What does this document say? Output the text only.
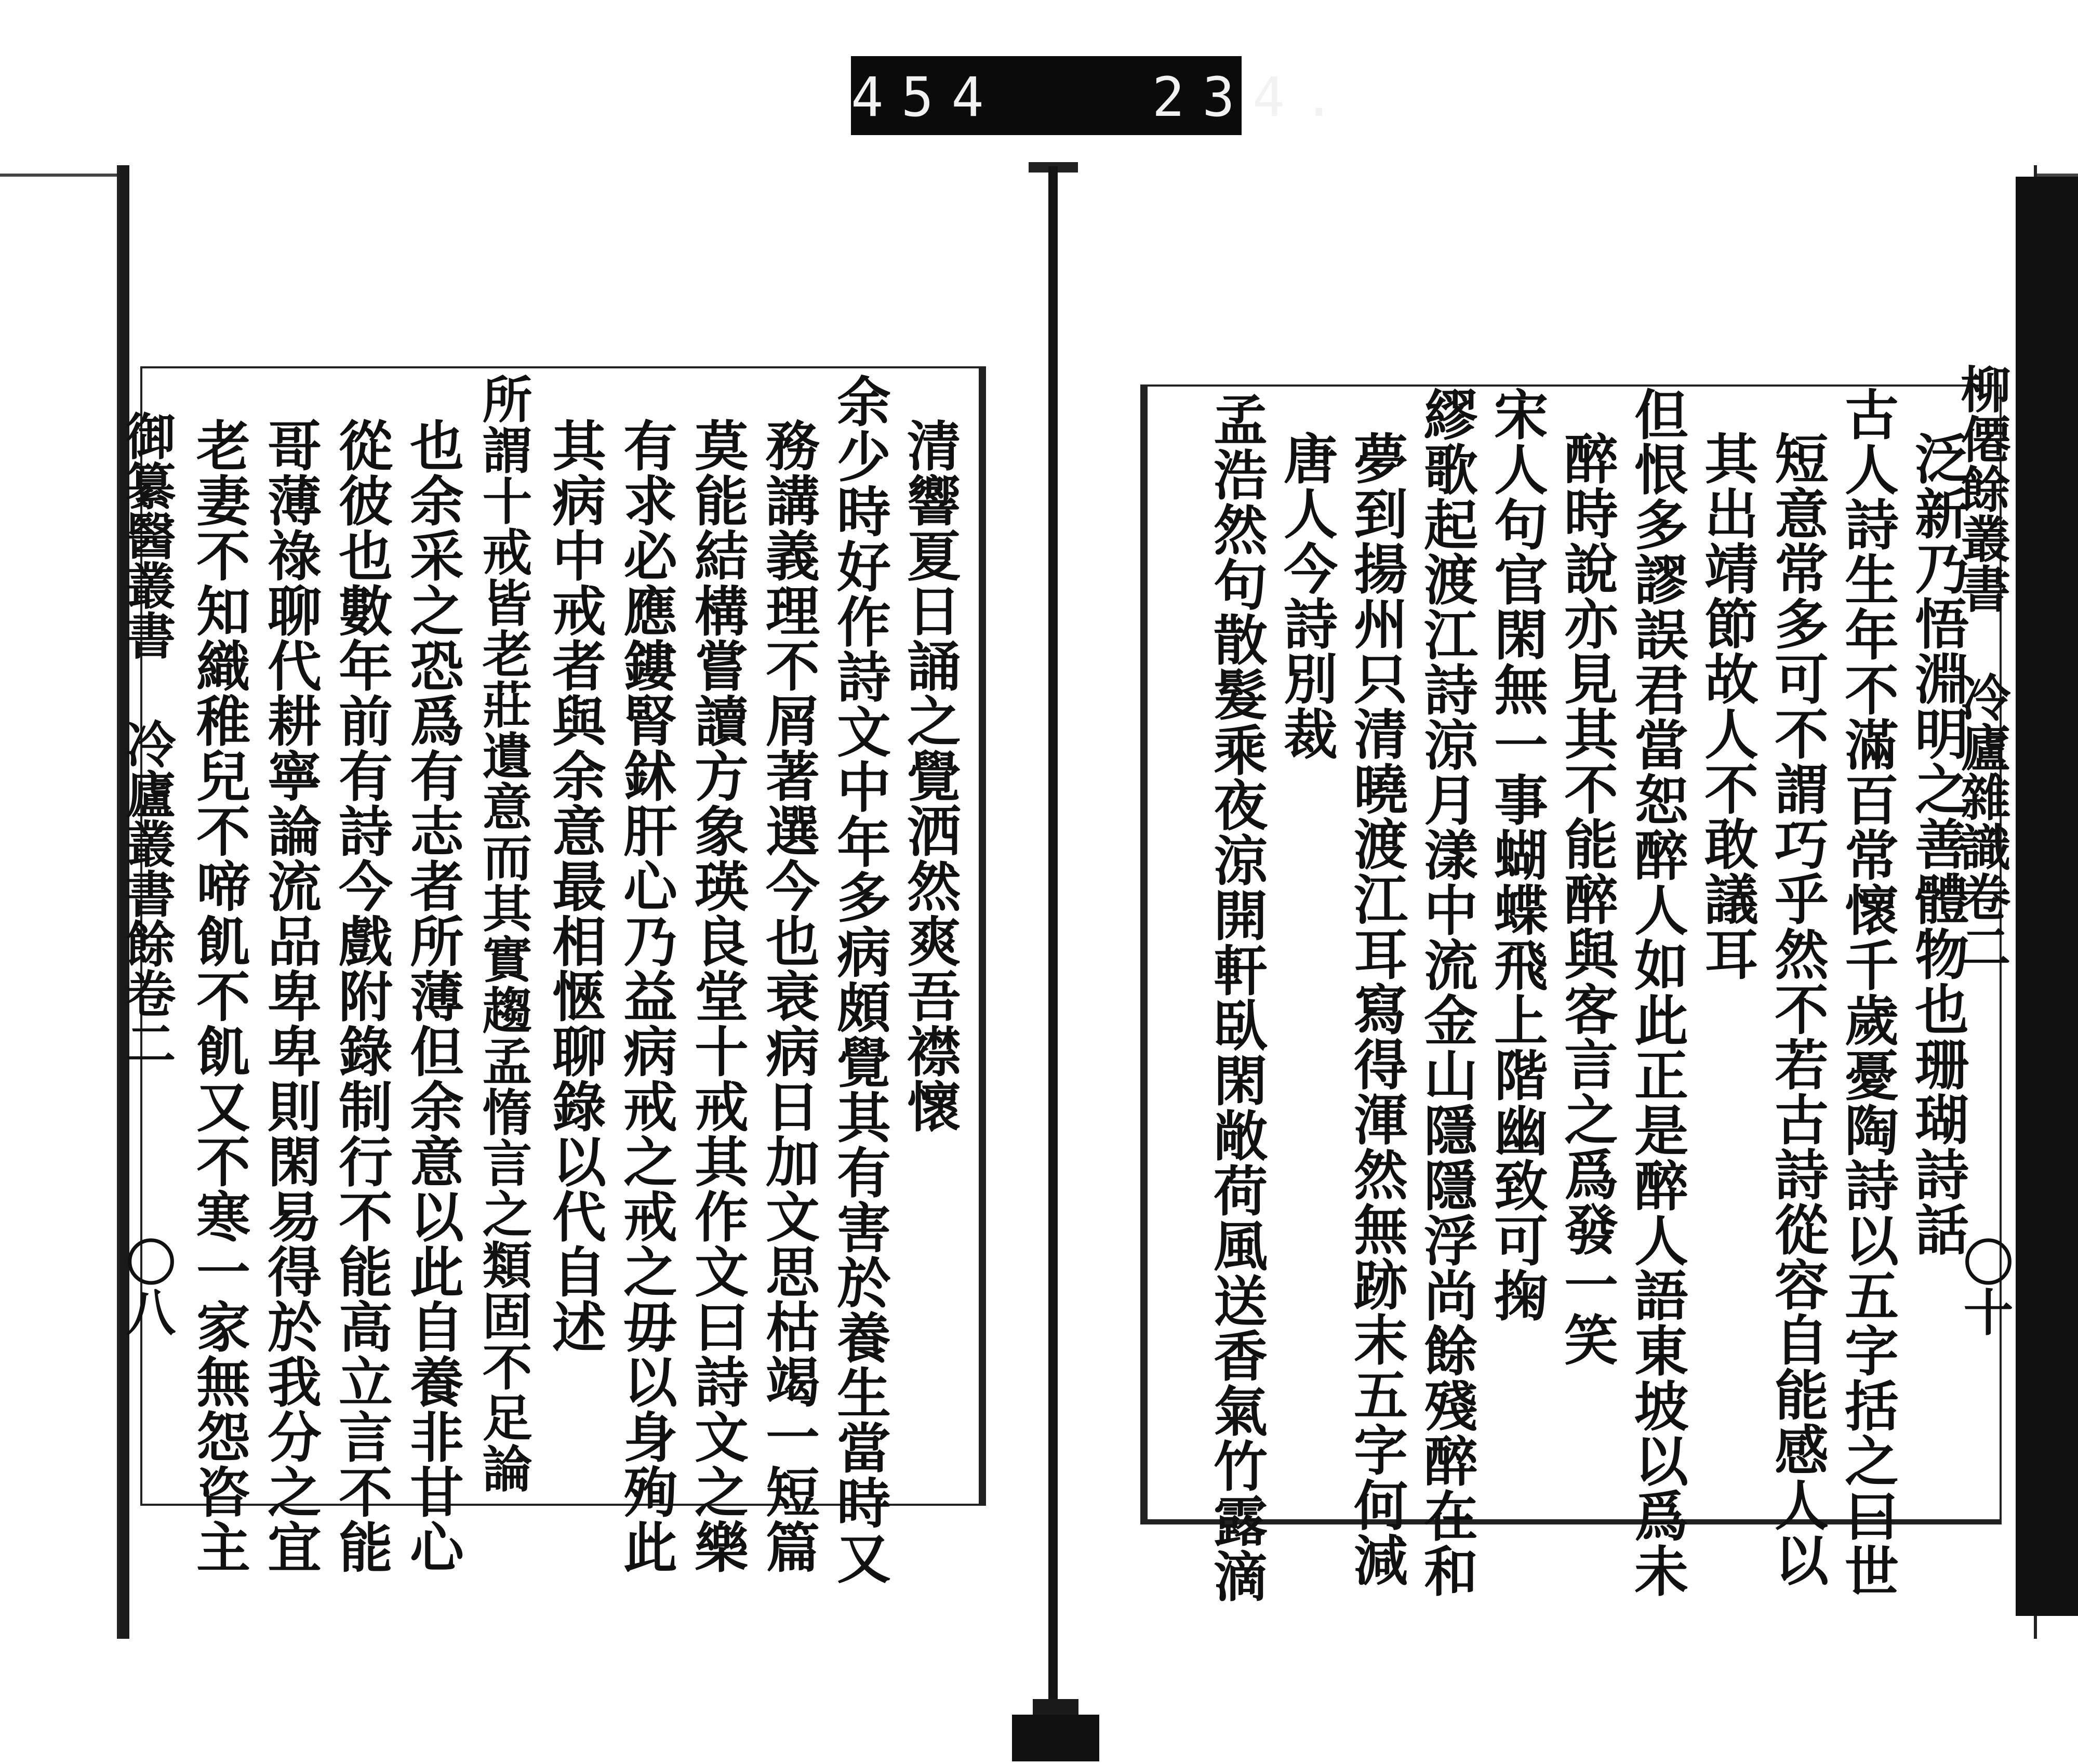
454   234.
清響夏日誦之覺洒然爽吾襟懷
余少時好作詩文中年多病頗覺其有害於養生當時又
務講義理不屑著選今也衰病日加文思枯竭一短篇
莫能結構嘗讀方象瑛良堂十戒其作文曰詩文之樂
有求必應鏤腎鉥肝心乃益病戒之戒之毋以身殉此
其病中戒者與余意最相愜聊錄以代自述
所謂十戒皆老莊遺意而其實趨孟惰言之類固不足論
也余采之恐爲有志者所薄但余意以此自養非甘心
從彼也數年前有詩今戲附錄制行不能高立言不能
哥薄祿聊代耕寧論流品卑卑則閑易得於我分之宜
老妻不知織稚兒不啼飢不飢又不寒一家無怨咨主
御纂醫叢書 冷廬叢書餘卷二
〇八
泛新乃悟淵明之善體物也珊瑚詩話
古人詩生年不滿百常懷千歲憂陶詩以五字括之曰世
短意常多可不謂巧乎然不若古詩從容自能感人以
其出靖節故人不敢議耳
但恨多謬誤君當恕醉人如此正是醉人語東坡以爲未
醉時說亦見其不能醉與客言之爲發一笑
宋人句官閑無一事蝴蝶飛上階幽致可掬
繆歌起渡江詩涼月漾中流金山隱隱浮尚餘殘醉在和
夢到揚州只清曉渡江耳寫得渾然無跡末五字何減
唐人今詩別裁
孟浩然句散髮乘夜涼開軒臥閑敞荷風送香氣竹露滴	柳僊餘叢書 冷廬雜識卷二
〇十
